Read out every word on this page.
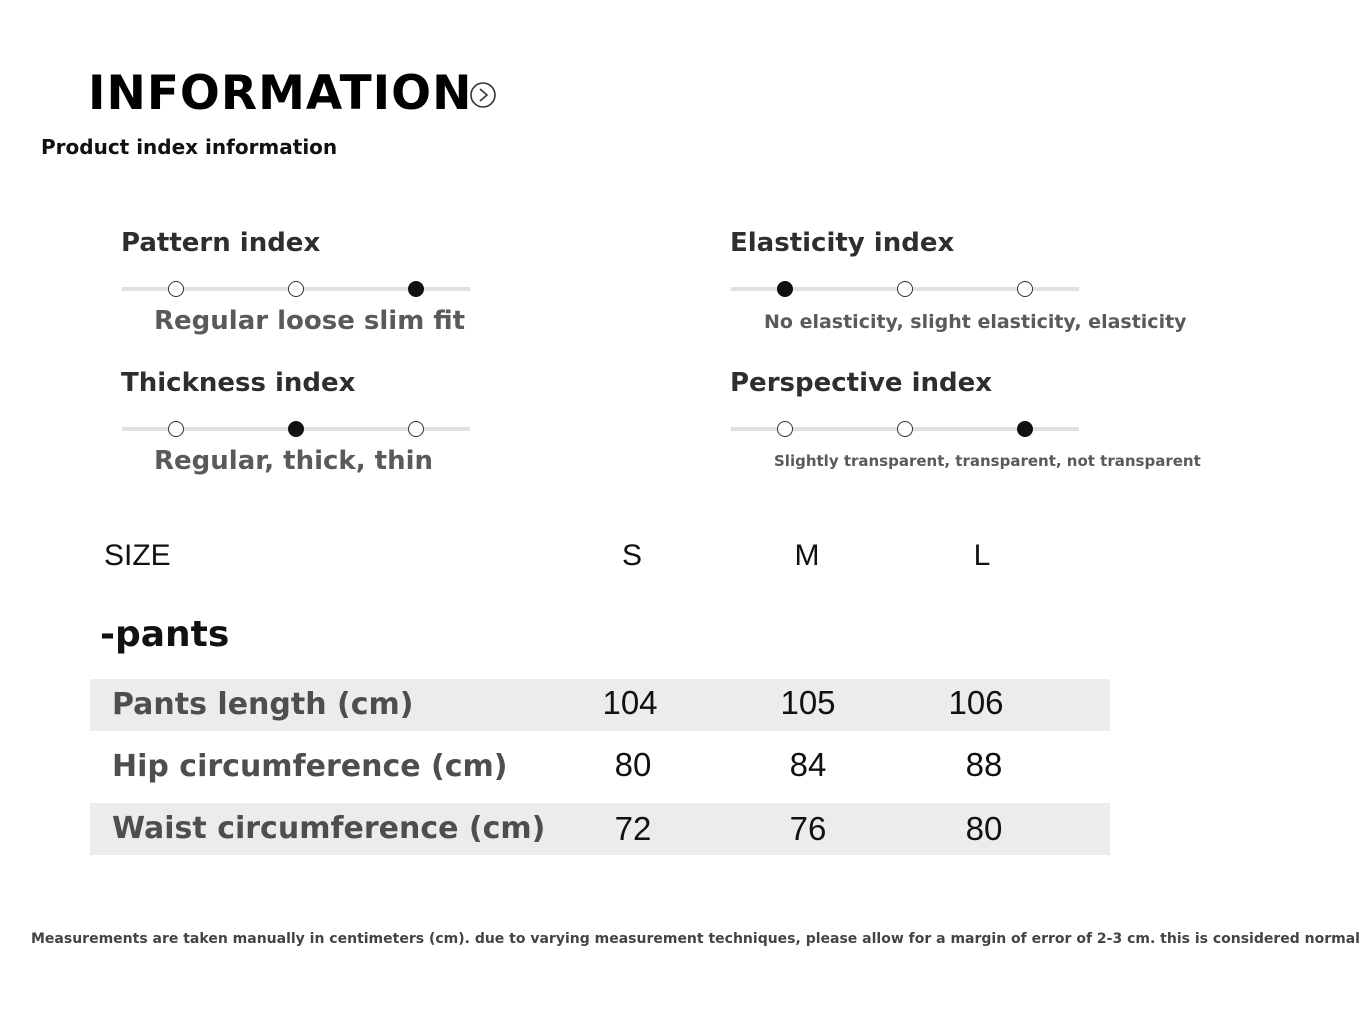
INFORMATION
Product index information
Pattern index
Regular loose slim fit
Elasticity index
No elasticity, slight elasticity, elasticity
Thickness index
Regular, thick, thin
Perspective index
Slightly transparent, transparent, not transparent
SIZE	S	M	L
-pants
Pants length (cm)	104	105	106
Hip circumference (cm)	80	84	88
Waist circumference (cm)	72	76	80
Measurements are taken manually in centimeters (cm). due to varying measurement techniques, please allow for a margin of error of 2-3 cm. this is considered normal
